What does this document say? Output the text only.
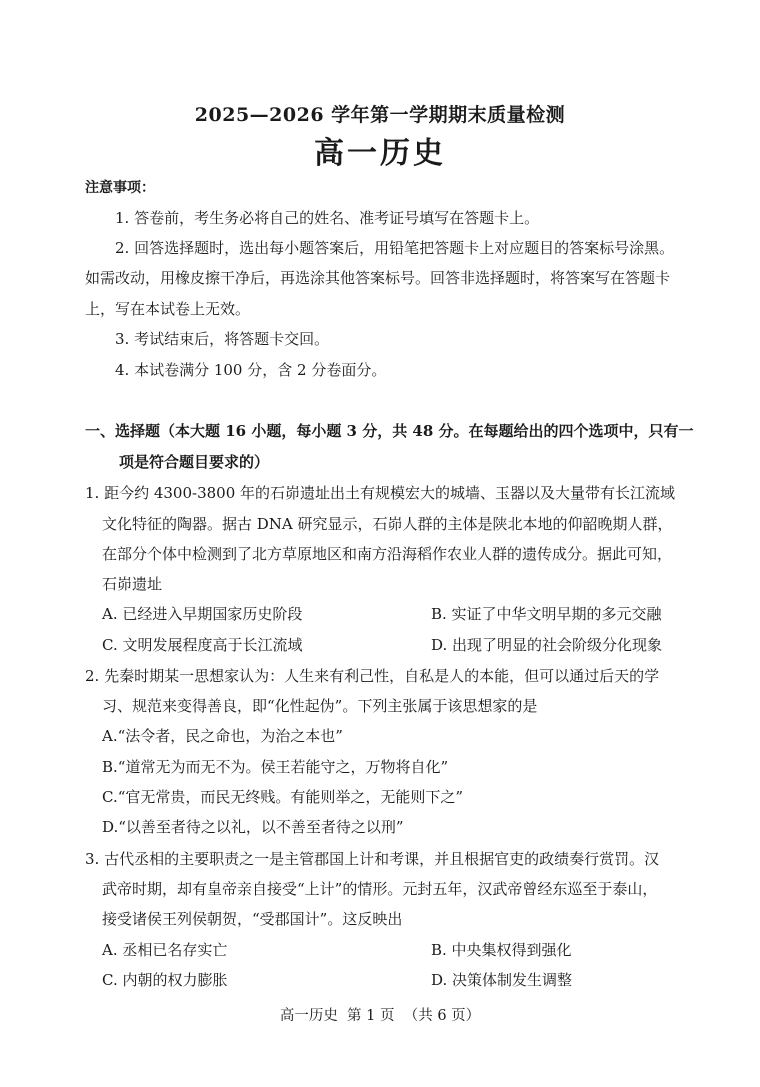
2025—2026 学年第一学期期末质量检测
高一历史
注意事项：
1. 答卷前，考生务必将自己的姓名、准考证号填写在答题卡上。
2. 回答选择题时，选出每小题答案后，用铅笔把答题卡上对应题目的答案标号涂黑。
如需改动，用橡皮擦干净后，再选涂其他答案标号。回答非选择题时，将答案写在答题卡
上，写在本试卷上无效。
3. 考试结束后，将答题卡交回。
4. 本试卷满分 100 分，含 2 分卷面分。
一、选择题（本大题 16 小题，每小题 3 分，共 48 分。在每题给出的四个选项中，只有一
项是符合题目要求的）
1. 距今约 4300-3800 年的石峁遗址出土有规模宏大的城墙、玉器以及大量带有长江流域
文化特征的陶器。据古 DNA 研究显示，石峁人群的主体是陕北本地的仰韶晚期人群，
在部分个体中检测到了北方草原地区和南方沿海稻作农业人群的遗传成分。据此可知，
石峁遗址
A. 已经进入早期国家历史阶段	B. 实证了中华文明早期的多元交融
C. 文明发展程度高于长江流域	D. 出现了明显的社会阶级分化现象
2. 先秦时期某一思想家认为：人生来有利己性，自私是人的本能，但可以通过后天的学
习、规范来变得善良，即“化性起伪”。下列主张属于该思想家的是
A.“法令者，民之命也，为治之本也”
B.“道常无为而无不为。侯王若能守之，万物将自化”
C.“官无常贵，而民无终贱。有能则举之，无能则下之”
D.“以善至者待之以礼，以不善至者待之以刑”
3. 古代丞相的主要职责之一是主管郡国上计和考课，并且根据官吏的政绩奏行赏罚。汉
武帝时期，却有皇帝亲自接受“上计”的情形。元封五年，汉武帝曾经东巡至于泰山，
接受诸侯王列侯朝贺，“受郡国计”。这反映出
A. 丞相已名存实亡	B. 中央集权得到强化
C. 内朝的权力膨胀	D. 决策体制发生调整
高一历史  第 1 页  （共 6 页）
